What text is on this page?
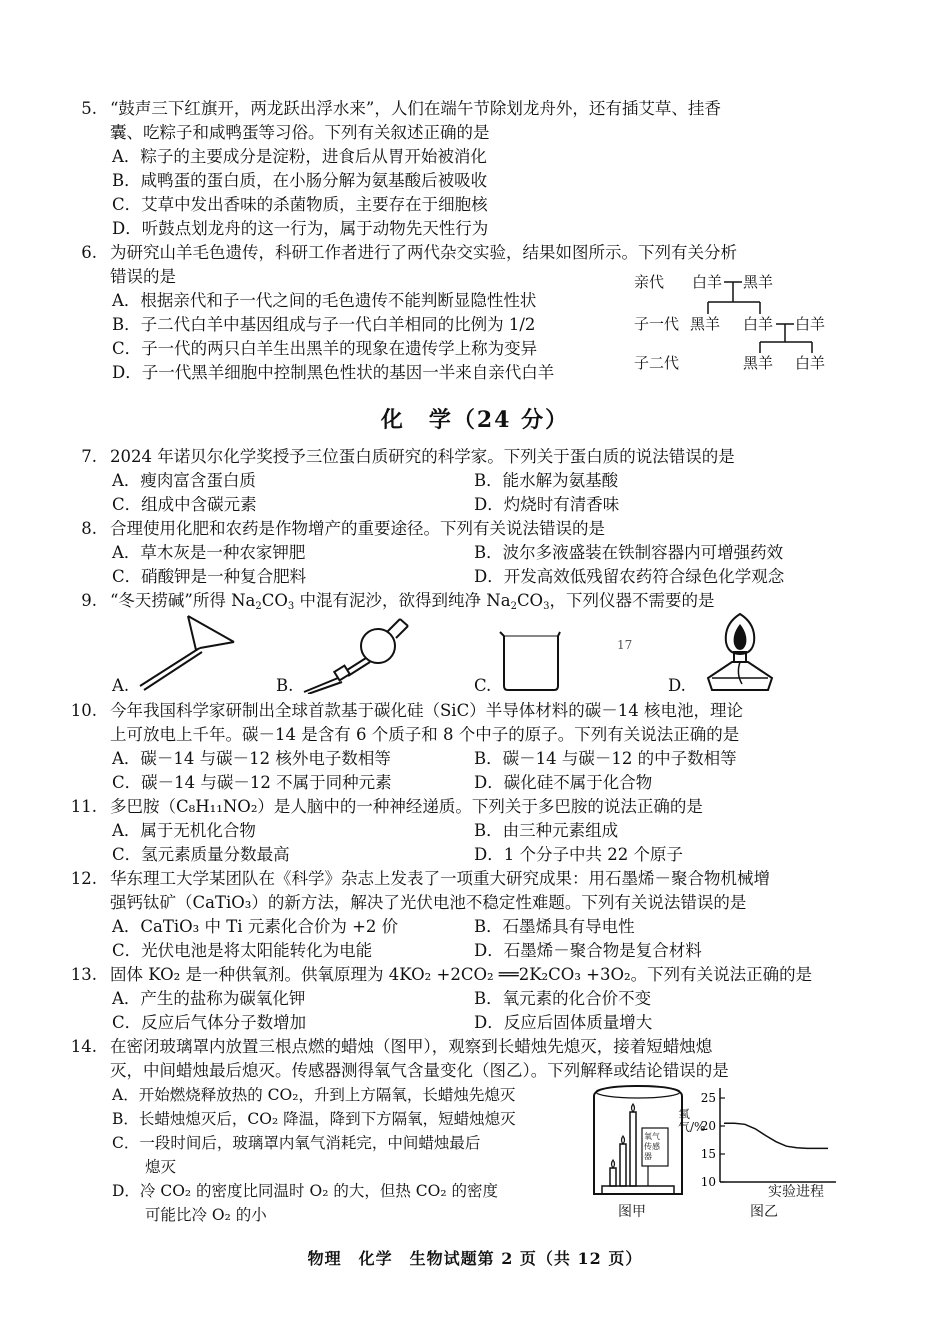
5. “鼓声三下红旗开，两龙跃出浮水来”，人们在端午节除划龙舟外，还有插艾草、挂香
囊、吃粽子和咸鸭蛋等习俗。下列有关叙述正确的是
A．粽子的主要成分是淀粉，进食后从胃开始被消化
B．咸鸭蛋的蛋白质，在小肠分解为氨基酸后被吸收
C．艾草中发出香味的杀菌物质，主要存在于细胞核
D．听鼓点划龙舟的这一行为，属于动物先天性行为
6. 为研究山羊毛色遗传，科研工作者进行了两代杂交实验，结果如图所示。下列有关分析
错误的是
A．根据亲代和子一代之间的毛色遗传不能判断显隐性性状
B．子二代白羊中基因组成与子一代白羊相同的比例为 1/2
C．子一代的两只白羊生出黑羊的现象在遗传学上称为变异
D．子一代黑羊细胞中控制黑色性状的基因一半来自亲代白羊
亲代
子一代
子二代
白羊 黑羊
黑羊 白羊 白羊
黑羊 白羊
化　学（24 分）
7. 2024 年诺贝尔化学奖授予三位蛋白质研究的科学家。下列关于蛋白质的说法错误的是
A．瘦肉富含蛋白质	B．能水解为氨基酸
C．组成中含碳元素	D．灼烧时有清香味
8. 合理使用化肥和农药是作物增产的重要途径。下列有关说法错误的是
A．草木灰是一种农家钾肥	B．波尔多液盛装在铁制容器内可增强药效
C．硝酸钾是一种复合肥料	D．开发高效低残留农药符合绿色化学观念
9. “冬天捞碱”所得 $Na_2CO_3$ 中混有泥沙，欲得到纯净 $Na_2CO_3$，下列仪器不需要的是
A.	B.	C.	D.
17
10. 今年我国科学家研制出全球首款基于碳化硅（SiC）半导体材料的碳－14 核电池，理论
上可放电上千年。碳－14 是含有 6 个质子和 8 个中子的原子。下列有关说法正确的是
A．碳－14 与碳－12 核外电子数相等	B．碳－14 与碳－12 的中子数相等
C．碳－14 与碳－12 不属于同种元素	D．碳化硅不属于化合物
11. 多巴胺（C₈H₁₁NO₂）是人脑中的一种神经递质。下列关于多巴胺的说法正确的是
A．属于无机化合物	B．由三种元素组成
C．氢元素质量分数最高	D．1 个分子中共 22 个原子
12. 华东理工大学某团队在《科学》杂志上发表了一项重大研究成果：用石墨烯－聚合物机械增
强钙钛矿（CaTiO₃）的新方法，解决了光伏电池不稳定性难题。下列有关说法错误的是
A．CaTiO₃ 中 Ti 元素化合价为 +2 价	B．石墨烯具有导电性
C．光伏电池是将太阳能转化为电能	D．石墨烯－聚合物是复合材料
13. 固体 KO₂ 是一种供氧剂。供氧原理为 4KO₂ +2CO₂ ══2K₂CO₃ +3O₂。下列有关说法正确的是
A．产生的盐称为碳氧化钾	B．氧元素的化合价不变
C．反应后气体分子数增加	D．反应后固体质量增大
14. 在密闭玻璃罩内放置三根点燃的蜡烛（图甲），观察到长蜡烛先熄灭，接着短蜡烛熄
灭，中间蜡烛最后熄灭。传感器测得氧气含量变化（图乙）。下列解释或结论错误的是
A．开始燃烧释放热的 CO₂，升到上方隔氧，长蜡烛先熄灭
B．长蜡烛熄灭后，CO₂ 降温，降到下方隔氧，短蜡烛熄灭
C．一段时间后，玻璃罩内氧气消耗完，中间蜡烛最后
熄灭
D．冷 CO₂ 的密度比同温时 O₂ 的大，但热 CO₂ 的密度
可能比冷 O₂ 的小
氧气传感器
图甲
10
15
20
25
氧气/%
实验进程
图乙
物理　化学　生物试题第 2 页（共 12 页）
